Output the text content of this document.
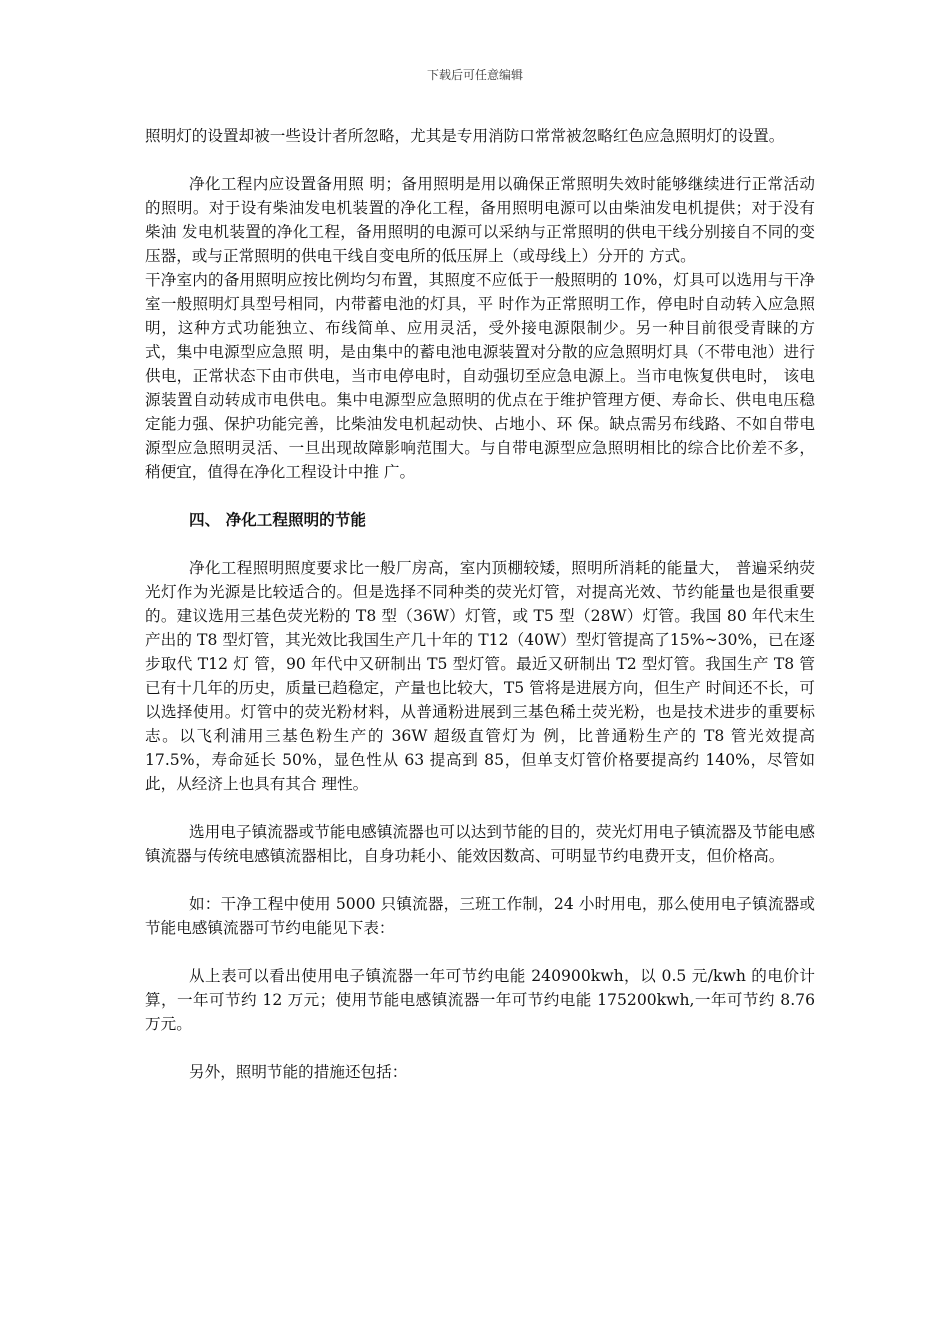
下载后可任意编辑

照明灯的设置却被一些设计者所忽略，尤其是专用消防口常常被忽略红色应急照明灯的设置。

净化工程内应设置备用照 明；备用照明是用以确保正常照明失效时能够继续进行正常活动的照明。对于设有柴油发电机装置的净化工程，备用照明电源可以由柴油发电机提供；对于没有柴油 发电机装置的净化工程，备用照明的电源可以采纳与正常照明的供电干线分别接自不同的变压器，或与正常照明的供电干线自变电所的低压屏上（或母线上）分开的 方式。

干净室内的备用照明应按比例均匀布置，其照度不应低于一般照明的 10%，灯具可以选用与干净室一般照明灯具型号相同，内带蓄电池的灯具，平 时作为正常照明工作，停电时自动转入应急照明，这种方式功能独立、布线简单、应用灵活，受外接电源限制少。另一种目前很受青睐的方式，集中电源型应急照 明，是由集中的蓄电池电源装置对分散的应急照明灯具（不带电池）进行供电，正常状态下由市供电，当市电停电时，自动强切至应急电源上。当市电恢复供电时， 该电源装置自动转成市电供电。集中电源型应急照明的优点在于维护管理方便、寿命长、供电电压稳定能力强、保护功能完善，比柴油发电机起动快、占地小、环 保。缺点需另布线路、不如自带电源型应急照明灵活、一旦出现故障影响范围大。与自带电源型应急照明相比的综合比价差不多，稍便宜，值得在净化工程设计中推 广。

四、 净化工程照明的节能

净化工程照明照度要求比一般厂房高，室内顶棚较矮，照明所消耗的能量大， 普遍采纳荧光灯作为光源是比较适合的。但是选择不同种类的荧光灯管，对提高光效、节约能量也是很重要的。建议选用三基色荧光粉的 T8 型（36W）灯管，或 T5 型（28W）灯管。我国 80 年代末生产出的 T8 型灯管，其光效比我国生产几十年的 T12（40W）型灯管提高了15%~30%，已在逐步取代 T12 灯 管，90 年代中又研制出 T5 型灯管。最近又研制出 T2 型灯管。我国生产 T8 管已有十几年的历史，质量已趋稳定，产量也比较大，T5 管将是进展方向，但生产 时间还不长，可以选择使用。灯管中的荧光粉材料，从普通粉进展到三基色稀土荧光粉，也是技术进步的重要标志。以飞利浦用三基色粉生产的 36W 超级直管灯为 例，比普通粉生产的 T8 管光效提高 17.5%，寿命延长 50%，显色性从 63 提高到 85，但单支灯管价格要提高约 140%，尽管如此，从经济上也具有其合 理性。

选用电子镇流器或节能电感镇流器也可以达到节能的目的，荧光灯用电子镇流器及节能电感镇流器与传统电感镇流器相比，自身功耗小、能效因数高、可明显节约电费开支，但价格高。

如：干净工程中使用 5000 只镇流器，三班工作制，24 小时用电，那么使用电子镇流器或节能电感镇流器可节约电能见下表：

从上表可以看出使用电子镇流器一年可节约电能 240900kwh，以 0.5 元/kwh 的电价计算，一年可节约 12 万元；使用节能电感镇流器一年可节约电能 175200kwh,一年可节约 8.76 万元。

另外，照明节能的措施还包括：
